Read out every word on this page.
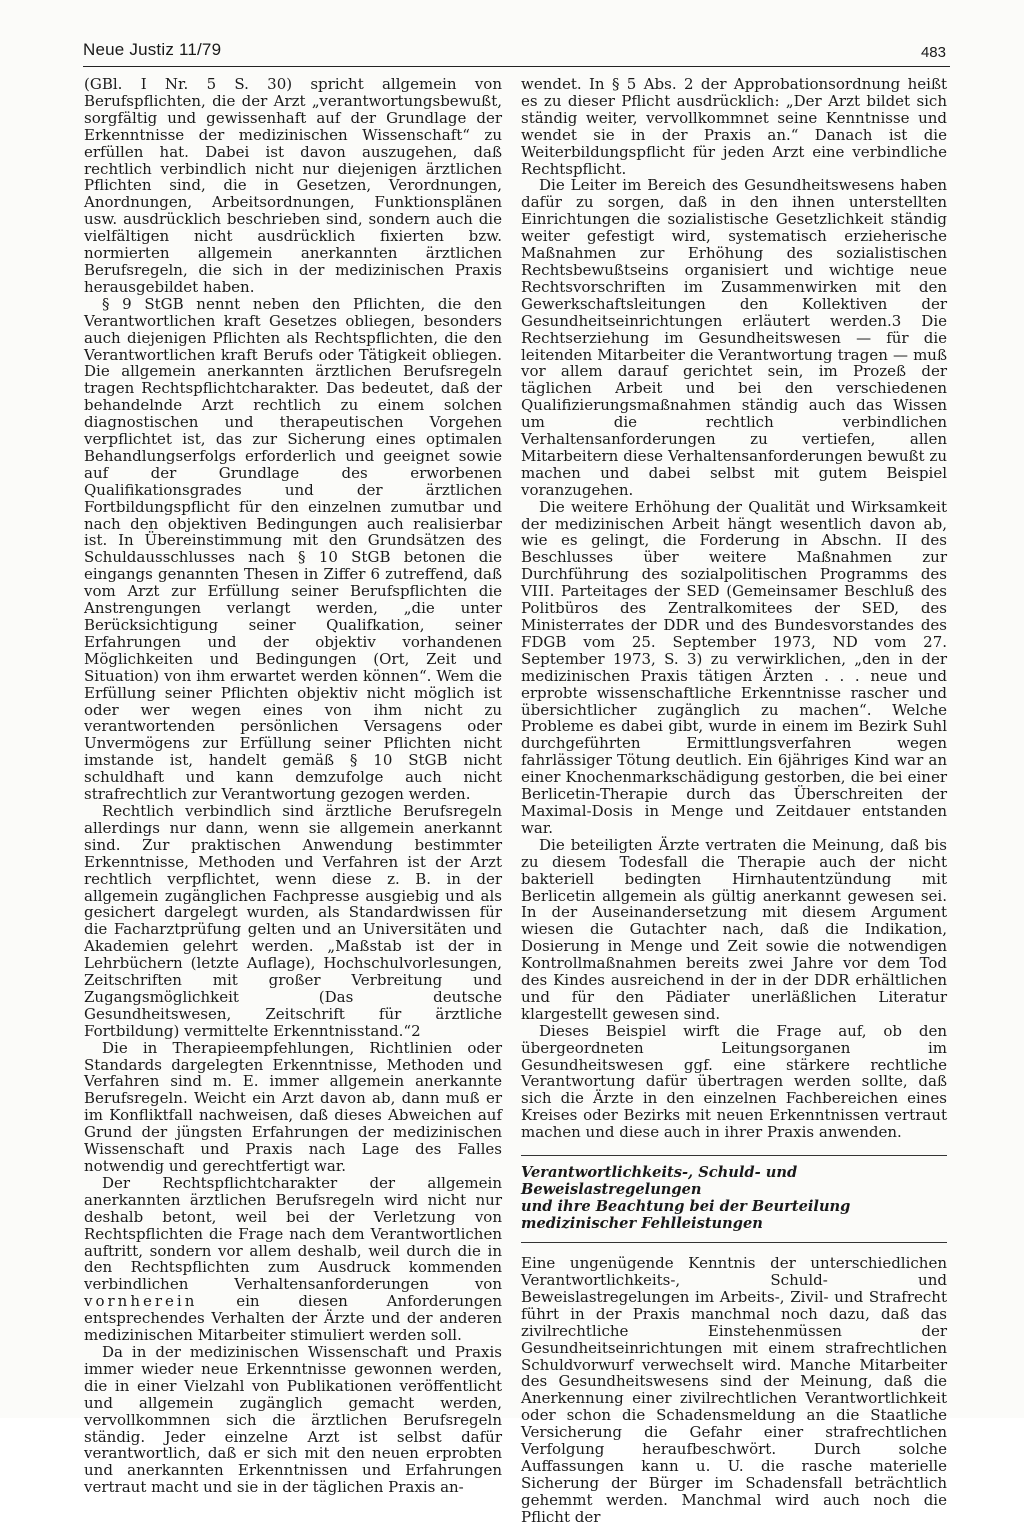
Neue Justiz 11/79	483

(GBl. I Nr. 5 S. 30) spricht allgemein von Berufspflichten, die der Arzt „verantwortungsbewußt, sorgfältig und gewissenhaft auf der Grundlage der Erkenntnisse der medizinischen Wissenschaft“ zu erfüllen hat. Dabei ist davon auszugehen, daß rechtlich verbindlich nicht nur diejenigen ärztlichen Pflichten sind, die in Gesetzen, Verordnungen, Anordnungen, Arbeitsordnungen, Funktionsplänen usw. ausdrücklich beschrieben sind, sondern auch die vielfältigen nicht ausdrücklich fixierten bzw. normierten allgemein anerkannten ärztlichen Berufsregeln, die sich in der medizinischen Praxis herausgebildet haben.

§ 9 StGB nennt neben den Pflichten, die den Verantwortlichen kraft Gesetzes obliegen, besonders auch diejenigen Pflichten als Rechtspflichten, die den Verantwortlichen kraft Berufs oder Tätigkeit obliegen. Die allgemein anerkannten ärztlichen Berufsregeln tragen Rechtspflichtcharakter. Das bedeutet, daß der behandelnde Arzt rechtlich zu einem solchen diagnostischen und therapeutischen Vorgehen verpflichtet ist, das zur Sicherung eines optimalen Behandlungserfolgs erforderlich und geeignet sowie auf der Grundlage des erworbenen Qualifikationsgrades und der ärztlichen Fortbildungspflicht für den einzelnen zumutbar und nach den objektiven Bedingungen auch realisierbar ist. In Übereinstimmung mit den Grundsätzen des Schuldausschlusses nach § 10 StGB betonen die eingangs genannten Thesen in Ziffer 6 zutreffend, daß vom Arzt zur Erfüllung seiner Berufspflichten die Anstrengungen verlangt werden, „die unter Berücksichtigung seiner Qualifkation, seiner Erfahrungen und der objektiv vorhandenen Möglichkeiten und Bedingungen (Ort, Zeit und Situation) von ihm erwartet werden können“. Wem die Erfüllung seiner Pflichten objektiv nicht möglich ist oder wer wegen eines von ihm nicht zu verantwortenden persönlichen Versagens oder Unvermögens zur Erfüllung seiner Pflichten nicht imstande ist, handelt gemäß § 10 StGB nicht schuldhaft und kann demzufolge auch nicht strafrechtlich zur Verantwortung gezogen werden.

Rechtlich verbindlich sind ärztliche Berufsregeln allerdings nur dann, wenn sie allgemein anerkannt sind. Zur praktischen Anwendung bestimmter Erkenntnisse, Methoden und Verfahren ist der Arzt rechtlich verpflichtet, wenn diese z. B. in der allgemein zugänglichen Fachpresse ausgiebig und als gesichert dargelegt wurden, als Standardwissen für die Facharztprüfung gelten und an Universitäten und Akademien gelehrt werden. „Maßstab ist der in Lehrbüchern (letzte Auflage), Hochschulvorlesungen, Zeitschriften mit großer Verbreitung und Zugangsmöglichkeit (Das deutsche Gesundheitswesen, Zeitschrift für ärztliche Fortbildung) vermittelte Erkenntnisstand.“2

Die in Therapieempfehlungen, Richtlinien oder Standards dargelegten Erkenntnisse, Methoden und Verfahren sind m. E. immer allgemein anerkannte Berufsregeln. Weicht ein Arzt davon ab, dann muß er im Konfliktfall nachweisen, daß dieses Abweichen auf Grund der jüngsten Erfahrungen der medizinischen Wissenschaft und Praxis nach Lage des Falles notwendig und gerechtfertigt war.

Der Rechtspflichtcharakter der allgemein anerkannten ärztlichen Berufsregeln wird nicht nur deshalb betont, weil bei der Verletzung von Rechtspflichten die Frage nach dem Verantwortlichen auftritt, sondern vor allem deshalb, weil durch die in den Rechtspflichten zum Ausdruck kommenden verbindlichen Verhaltensanforderungen von vornherein	ein diesen Anforderungen entsprechendes Verhalten der Ärzte und der anderen medizinischen Mitarbeiter stimuliert werden soll.

Da in der medizinischen Wissenschaft und Praxis immer wieder neue Erkenntnisse gewonnen werden, die in einer Vielzahl von Publikationen veröffentlicht und allgemein zugänglich gemacht werden, vervollkommnen sich die ärztlichen Berufsregeln ständig. Jeder einzelne Arzt ist selbst dafür verantwortlich, daß er sich mit den neuen erprobten und anerkannten Erkenntnissen und Erfahrungen vertraut macht und sie in der täglichen Praxis an-

wendet. In § 5 Abs. 2 der Approbationsordnung heißt es zu dieser Pflicht ausdrücklich: „Der Arzt bildet sich ständig weiter, vervollkommnet seine Kenntnisse und wendet sie in der Praxis an.“ Danach ist die Weiterbildungspflicht für jeden Arzt eine verbindliche Rechtspflicht.

Die Leiter im Bereich des Gesundheitswesens haben dafür zu sorgen, daß in den ihnen unterstellten Einrichtungen die sozialistische Gesetzlichkeit ständig weiter gefestigt wird, systematisch erzieherische Maßnahmen zur Erhöhung des sozialistischen Rechtsbewußtseins organisiert und wichtige neue Rechtsvorschriften im Zusammenwirken mit den Gewerkschaftsleitungen den Kollektiven der Gesundheitseinrichtungen erläutert werden.3 Die Rechtserziehung im Gesundheitswesen — für die leitenden Mitarbeiter die Verantwortung tragen — muß vor allem darauf gerichtet sein, im Prozeß der täglichen Arbeit und bei den verschiedenen Qualifizierungsmaßnahmen ständig auch das Wissen um die rechtlich verbindlichen Verhaltensanforderungen zu vertiefen, allen Mitarbeitern diese Verhaltensanforderungen bewußt zu machen und dabei selbst mit gutem Beispiel voranzugehen.

Die weitere Erhöhung der Qualität und Wirksamkeit der medizinischen Arbeit hängt wesentlich davon ab, wie es gelingt, die Forderung in Abschn. II des Beschlusses über weitere Maßnahmen zur Durchführung des sozialpolitischen Programms des VIII. Parteitages der SED (Gemeinsamer Beschluß des Politbüros des Zentralkomitees der SED, des Ministerrates der DDR und des Bundesvorstandes des FDGB vom 25. September 1973, ND vom 27. September 1973, S. 3) zu verwirklichen, „den in der medizinischen Praxis tätigen Ärzten . . . neue und erprobte wissenschaftliche Erkenntnisse rascher und übersichtlicher zugänglich zu machen“. Welche Probleme es dabei gibt, wurde in einem im Bezirk Suhl durchgeführten Ermittlungsverfahren wegen fahrlässiger Tötung deutlich. Ein 6jähriges Kind war an einer Knochenmarkschädigung gestorben, die bei einer Berlicetin-Therapie durch das Überschreiten der Maximal-Dosis in Menge und Zeitdauer entstanden war.

Die beteiligten Ärzte vertraten die Meinung, daß bis zu diesem Todesfall die Therapie auch der nicht bakteriell bedingten Hirnhautentzündung mit Berlicetin allgemein als gültig anerkannt gewesen sei. In der Auseinandersetzung mit diesem Argument wiesen die Gutachter nach, daß die Indikation, Dosierung in Menge und Zeit sowie die notwendigen Kontrollmaßnahmen bereits zwei Jahre vor dem Tod des Kindes ausreichend in der in der DDR erhältlichen und für den Pädiater unerläßlichen Literatur klargestellt gewesen sind.

Dieses Beispiel wirft die Frage auf, ob den übergeordneten Leitungsorganen im Gesundheitswesen ggf. eine stärkere rechtliche Verantwortung dafür übertragen werden sollte, daß sich die Ärzte in den einzelnen Fachbereichen eines Kreises oder Bezirks mit neuen Erkenntnissen vertraut machen und diese auch in ihrer Praxis anwenden.

Verantwortlichkeits-, Schuld- und Beweislastregelungen

und ihre Beachtung bei der Beurteilung

medizinischer Fehlleistungen

Eine ungenügende Kenntnis der unterschiedlichen Verantwortlichkeits-, Schuld- und Beweislastregelungen im Arbeits-, Zivil- und Strafrecht führt in der Praxis manchmal noch dazu, daß das zivilrechtliche Einstehenmüssen der Gesundheitseinrichtungen mit einem strafrechtlichen Schuldvorwurf verwechselt wird. Manche Mitarbeiter des Gesundheitswesens sind der Meinung, daß die Anerkennung einer zivilrechtlichen Verantwortlichkeit oder schon die Schadensmeldung an die Staatliche Versicherung die Gefahr einer strafrechtlichen Verfolgung heraufbeschwört. Durch solche Auffassungen kann u. U. die rasche materielle Sicherung der Bürger im Schadensfall beträchtlich gehemmt werden. Manchmal wird auch noch die Pflicht der
